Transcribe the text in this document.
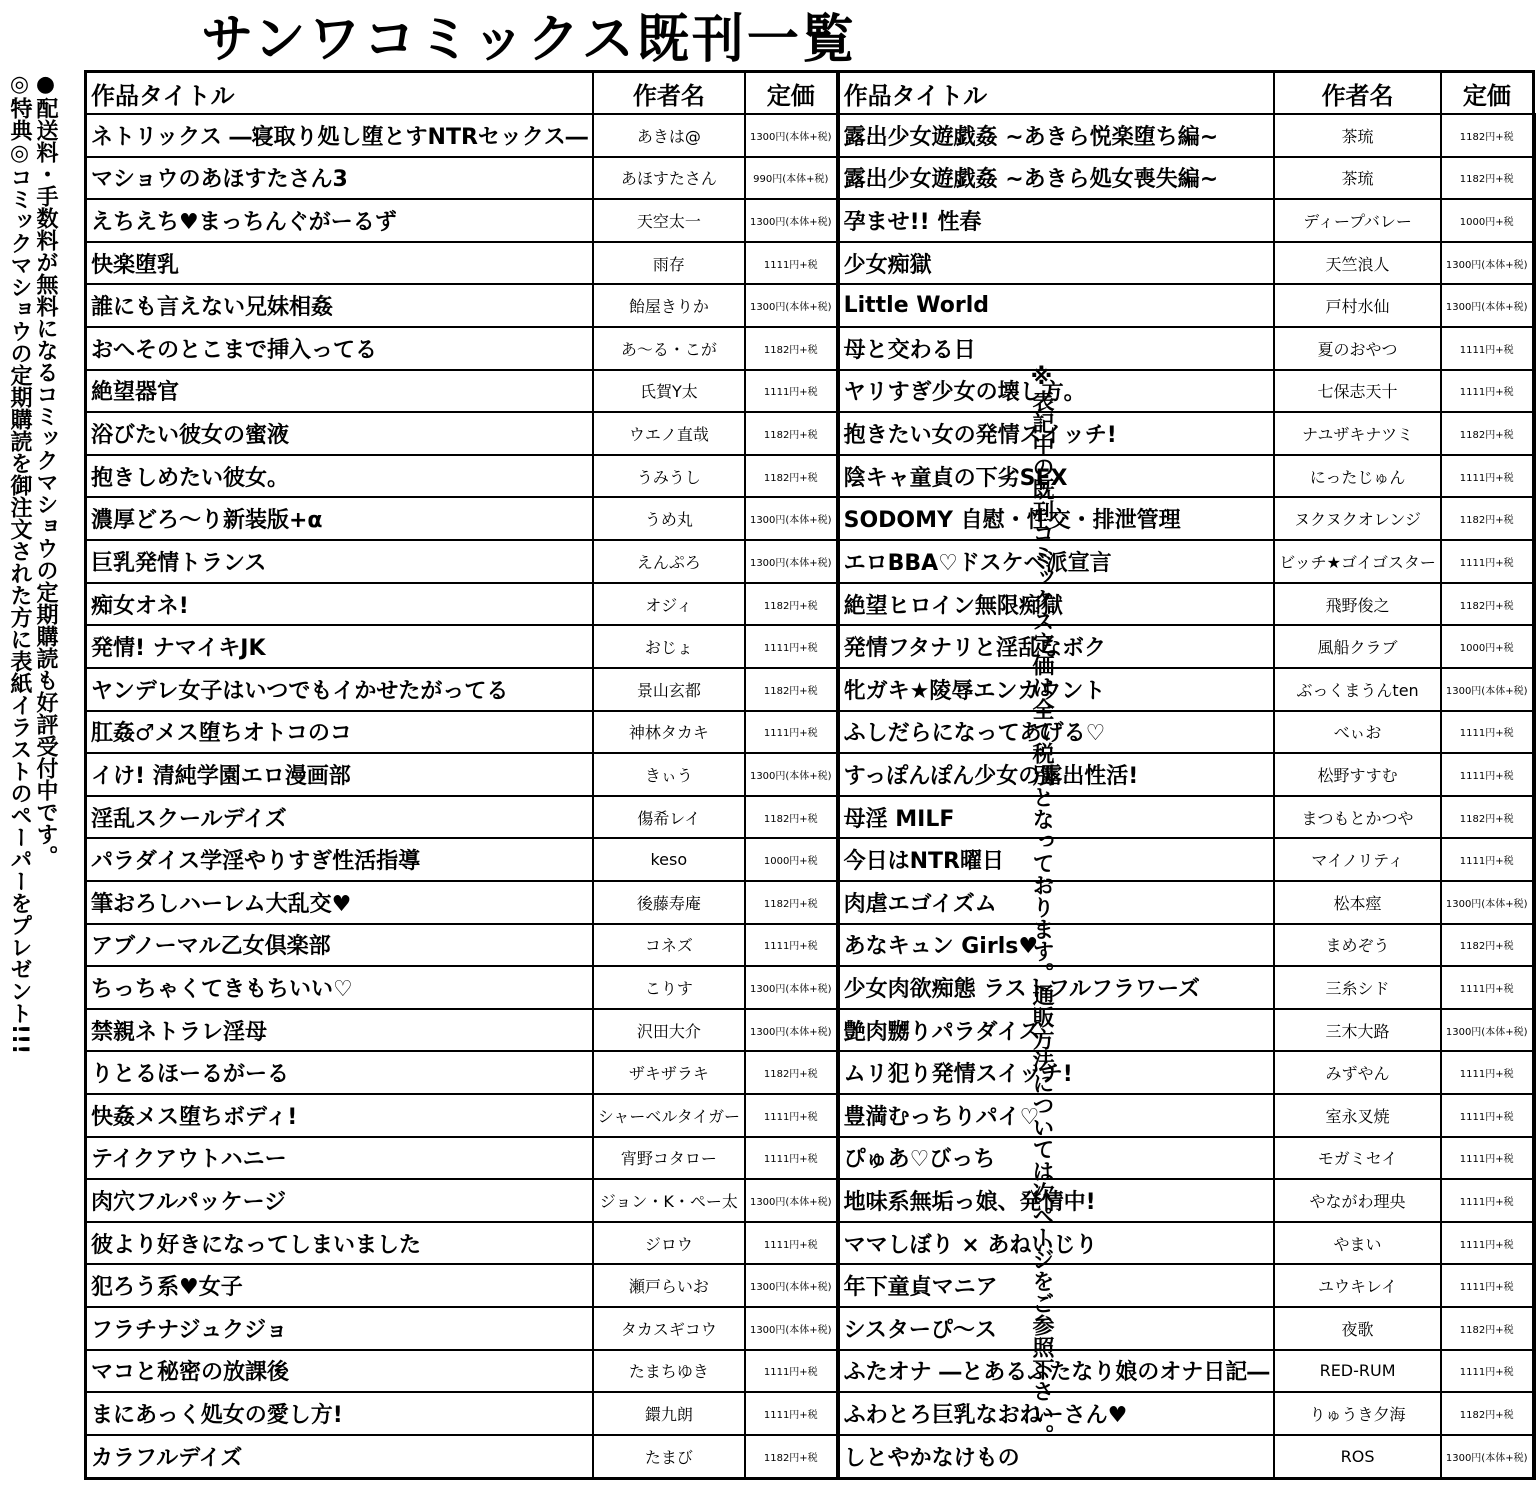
サンワコミックス既刊一覧
●配送料・手数料が無料になるコミックマショウの定期購読も好評受付中です。
◎特典◎コミックマショウの定期購読を御注文された方に表紙イラストのペーパーをプレゼント!!!	※表記中の既刊コミックス定価は全て税別となっております。通販方法については次ページをご参照下さい。
作品タイトル	作者名	定価	作品タイトル	作者名	定価
ネトリックス ―寝取り処し堕とすNTRセックス―	あきは@	1300円(本体+税)	露出少女遊戯姦 ~あきら悦楽堕ち編~	茶琉	1182円+税
マショウのあほすたさん3	あほすたさん	990円(本体+税)	露出少女遊戯姦 ~あきら処女喪失編~	茶琉	1182円+税
えちえち♥まっちんぐがーるず	天空太一	1300円(本体+税)	孕ませ!! 性春	ディープバレー	1000円+税
快楽堕乳	雨存	1111円+税	少女痴獄	天竺浪人	1300円(本体+税)
誰にも言えない兄妹相姦	飴屋きりか	1300円(本体+税)	Little World	戸村水仙	1300円(本体+税)
おへそのとこまで挿入ってる	あ〜る・こが	1182円+税	母と交わる日	夏のおやつ	1111円+税
絶望器官	氏賀Y太	1111円+税	ヤリすぎ少女の壊し方。	七保志天十	1111円+税
浴びたい彼女の蜜液	ウエノ直哉	1182円+税	抱きたい女の発情スイッチ!	ナユザキナツミ	1182円+税
抱きしめたい彼女。	うみうし	1182円+税	陰キャ童貞の下劣SEX	にったじゅん	1111円+税
濃厚どろ〜り新装版+α	うめ丸	1300円(本体+税)	SODOMY 自慰・性交・排泄管理	ヌクヌクオレンジ	1182円+税
巨乳発情トランス	えんぷろ	1300円(本体+税)	エロBBA♡ドスケベ派宣言	ビッチ★ゴイゴスター	1111円+税
痴女オネ!	オジィ	1182円+税	絶望ヒロイン無限痴獄	飛野俊之	1182円+税
発情! ナマイキJK	おじょ	1111円+税	発情フタナリと淫乱なボク	風船クラブ	1000円+税
ヤンデレ女子はいつでもイかせたがってる	景山玄都	1182円+税	牝ガキ★陵辱エンカウント	ぶっくまうんten	1300円(本体+税)
肛姦♂メス堕ちオトコのコ	神林タカキ	1111円+税	ふしだらになってあげる♡	べぃお	1111円+税
イけ! 清純学園エロ漫画部	きぃう	1300円(本体+税)	すっぽんぽん少女の露出性活!	松野すすむ	1111円+税
淫乱スクールデイズ	傷希レイ	1182円+税	母淫 MILF	まつもとかつや	1182円+税
パラダイス学淫やりすぎ性活指導	keso	1000円+税	今日はNTR曜日	マイノリティ	1111円+税
筆おろしハーレム大乱交♥	後藤寿庵	1182円+税	肉虐エゴイズム	松本痙	1300円(本体+税)
アブノーマル乙女倶楽部	コネズ	1111円+税	あなキュン Girls♥	まめぞう	1182円+税
ちっちゃくてきもちいい♡	こりす	1300円(本体+税)	少女肉欲痴態 ラストフルフラワーズ	三糸シド	1111円+税
禁親ネトラレ淫母	沢田大介	1300円(本体+税)	艶肉嬲りパラダイス	三木大路	1300円(本体+税)
りとるほーるがーる	ザキザラキ	1182円+税	ムリ犯り発情スイッチ!	みずやん	1111円+税
快姦メス堕ちボディ!	シャーベルタイガー	1111円+税	豊満むっちりパイ♡	室永叉焼	1111円+税
テイクアウトハニー	宵野コタロー	1111円+税	ぴゅあ♡びっち	モガミセイ	1111円+税
肉穴フルパッケージ	ジョン・K・ペー太	1300円(本体+税)	地味系無垢っ娘、発情中!	やながわ理央	1111円+税
彼より好きになってしまいました	ジロウ	1111円+税	ママしぼり × あねいじり	やまい	1111円+税
犯ろう系♥女子	瀬戸らいお	1300円(本体+税)	年下童貞マニア	ユウキレイ	1111円+税
フラチナジュクジョ	タカスギコウ	1300円(本体+税)	シスターぴ〜ス	夜歌	1182円+税
マコと秘密の放課後	たまちゆき	1111円+税	ふたオナ ―とあるふたなり娘のオナ日記―	RED-RUM	1111円+税
まにあっく処女の愛し方!	鐶九朗	1111円+税	ふわとろ巨乳なおねーさん♥	りゅうき夕海	1182円+税
カラフルデイズ	たまび	1182円+税	しとやかなけもの	ROS	1300円(本体+税)
